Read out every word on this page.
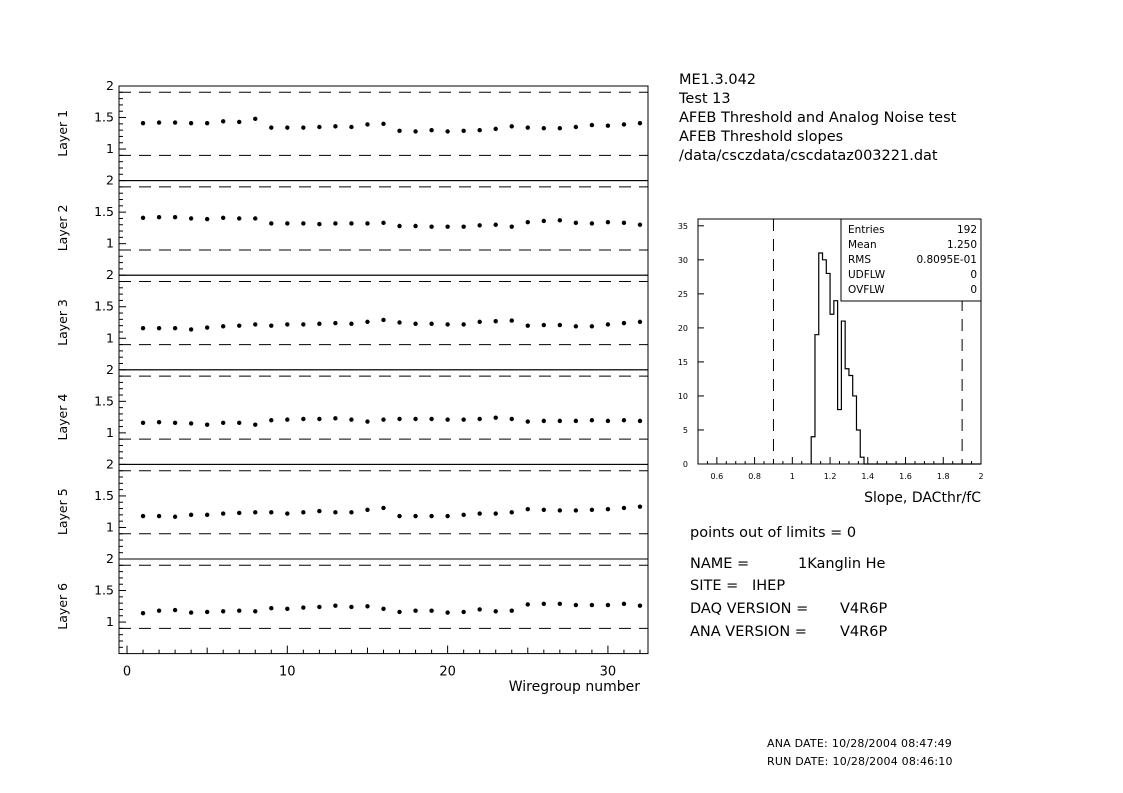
1
1.5
2
Layer 1
1
1.5
2
Layer 2
1
1.5
2
Layer 3
1
1.5
2
Layer 4
1
1.5
2
Layer 5
1
1.5
2
Layer 6
0	10	20	30
Wiregroup number
0
5
10
15
20
25
30
35
0.6	0.8	1	1.2	1.4	1.6	1.8	2
Slope, DACthr/fC
Entries	192
Mean	1.250
RMS	0.8095E-01
UDFLW	0
OVFLW	0
ME1.3.042
Test 13
AFEB Threshold and Analog Noise test
AFEB Threshold slopes
/data/csczdata/cscdataz003221.dat
points out of limits = 0
NAME =	1Kanglin He
SITE = IHEP
DAQ VERSION = V4R6P
ANA VERSION = V4R6P
ANA DATE: 10/28/2004 08:47:49
RUN DATE: 10/28/2004 08:46:10
